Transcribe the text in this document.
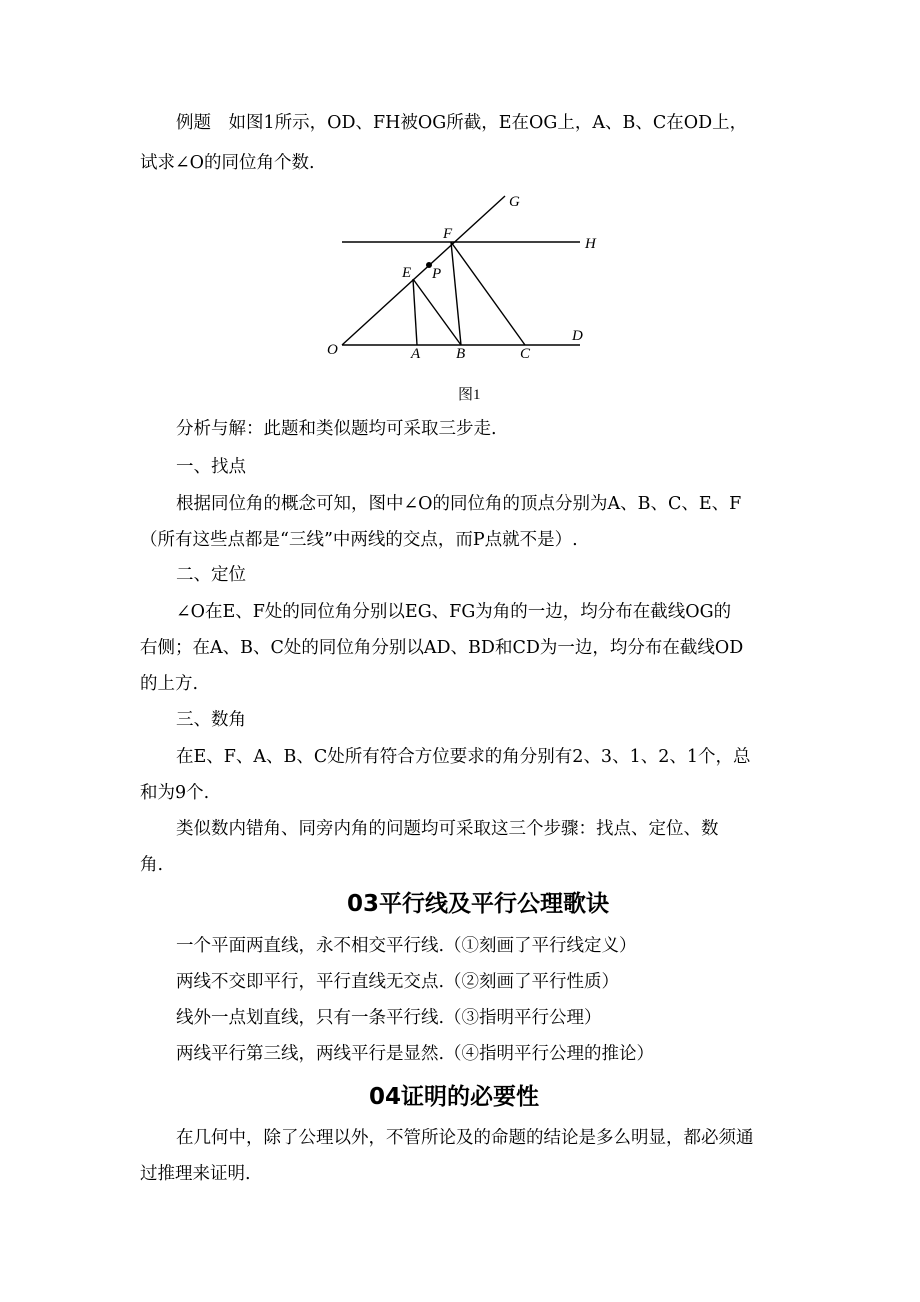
例题　如图1所示，OD、FH被OG所截，E在OG上，A、B、C在OD上，
试求∠O的同位角个数.
G
F
H
E P
O	A B	C
D
图1
分析与解：此题和类似题均可采取三步走.
一、找点
根据同位角的概念可知，图中∠O的同位角的顶点分别为A、B、C、E、F
（所有这些点都是“三线”中两线的交点，而P点就不是）.
二、定位
∠O在E、F处的同位角分别以EG、FG为角的一边，均分布在截线OG的
右侧；在A、B、C处的同位角分别以AD、BD和CD为一边，均分布在截线OD
的上方.
三、数角
在E、F、A、B、C处所有符合方位要求的角分别有2、3、1、2、1个，总
和为9个.
类似数内错角、同旁内角的问题均可采取这三个步骤：找点、定位、数
角.
03平行线及平行公理歌诀
一个平面两直线，永不相交平行线.（①刻画了平行线定义）
两线不交即平行，平行直线无交点.（②刻画了平行性质）
线外一点划直线，只有一条平行线.（③指明平行公理）
两线平行第三线，两线平行是显然.（④指明平行公理的推论）
04证明的必要性
在几何中，除了公理以外，不管所论及的命题的结论是多么明显，都必须通
过推理来证明.
